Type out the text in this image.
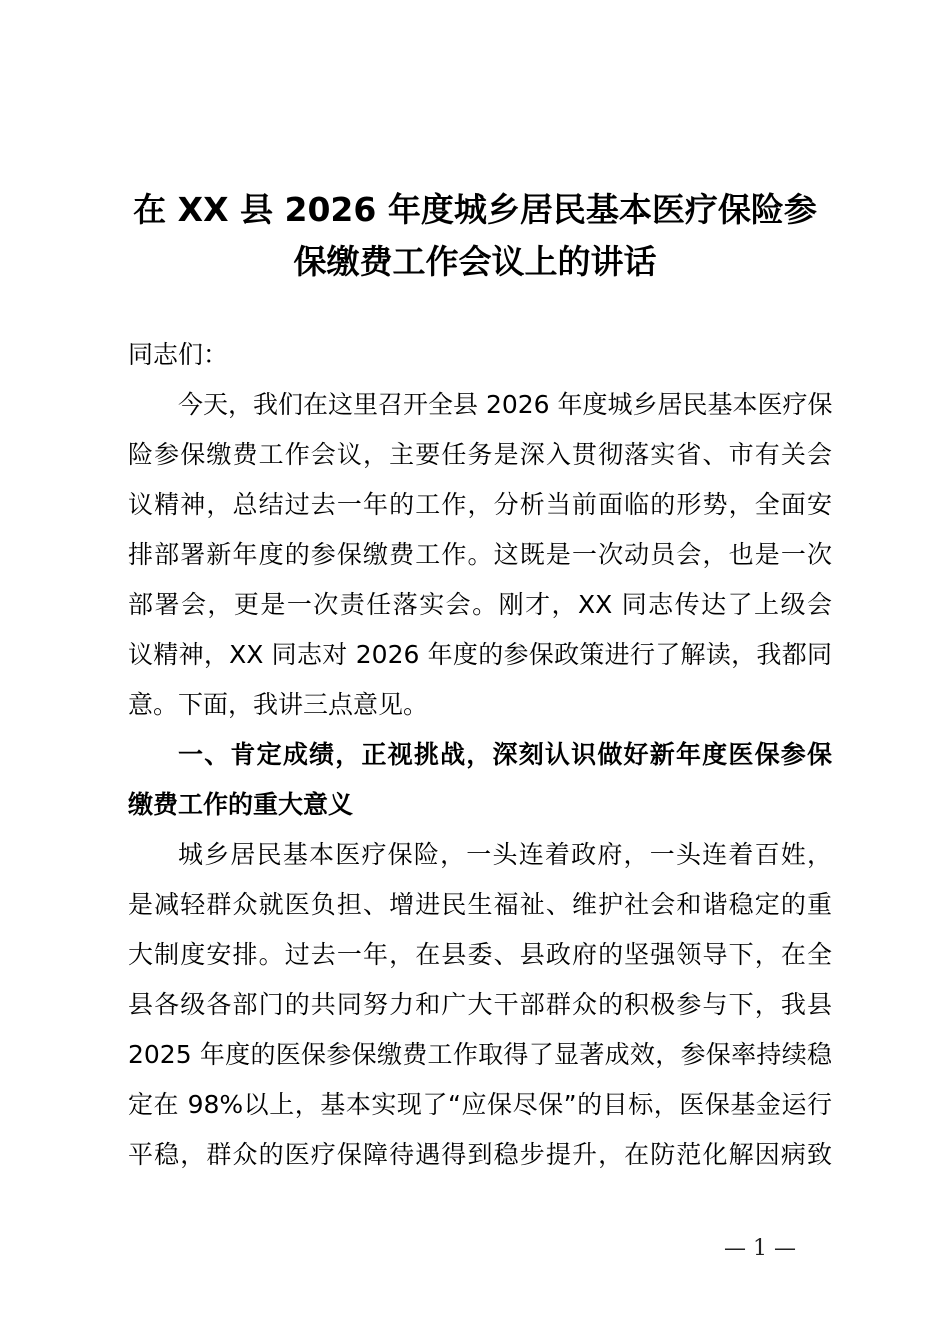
在 XX 县 2026 年度城乡居民基本医疗保险参
保缴费工作会议上的讲话
同志们：
今天，我们在这里召开全县 2026 年度城乡居民基本医疗保
险参保缴费工作会议，主要任务是深入贯彻落实省、市有关会
议精神，总结过去一年的工作，分析当前面临的形势，全面安
排部署新年度的参保缴费工作。这既是一次动员会，也是一次
部署会，更是一次责任落实会。刚才，XX 同志传达了上级会
议精神，XX 同志对 2026 年度的参保政策进行了解读，我都同
意。下面，我讲三点意见。
一、肯定成绩，正视挑战，深刻认识做好新年度医保参保
缴费工作的重大意义
城乡居民基本医疗保险，一头连着政府，一头连着百姓，
是减轻群众就医负担、增进民生福祉、维护社会和谐稳定的重
大制度安排。过去一年，在县委、县政府的坚强领导下，在全
县各级各部门的共同努力和广大干部群众的积极参与下，我县
2025 年度的医保参保缴费工作取得了显著成效，参保率持续稳
定在 98%以上，基本实现了“应保尽保”的目标，医保基金运行
平稳，群众的医疗保障待遇得到稳步提升，在防范化解因病致
— 1 —
